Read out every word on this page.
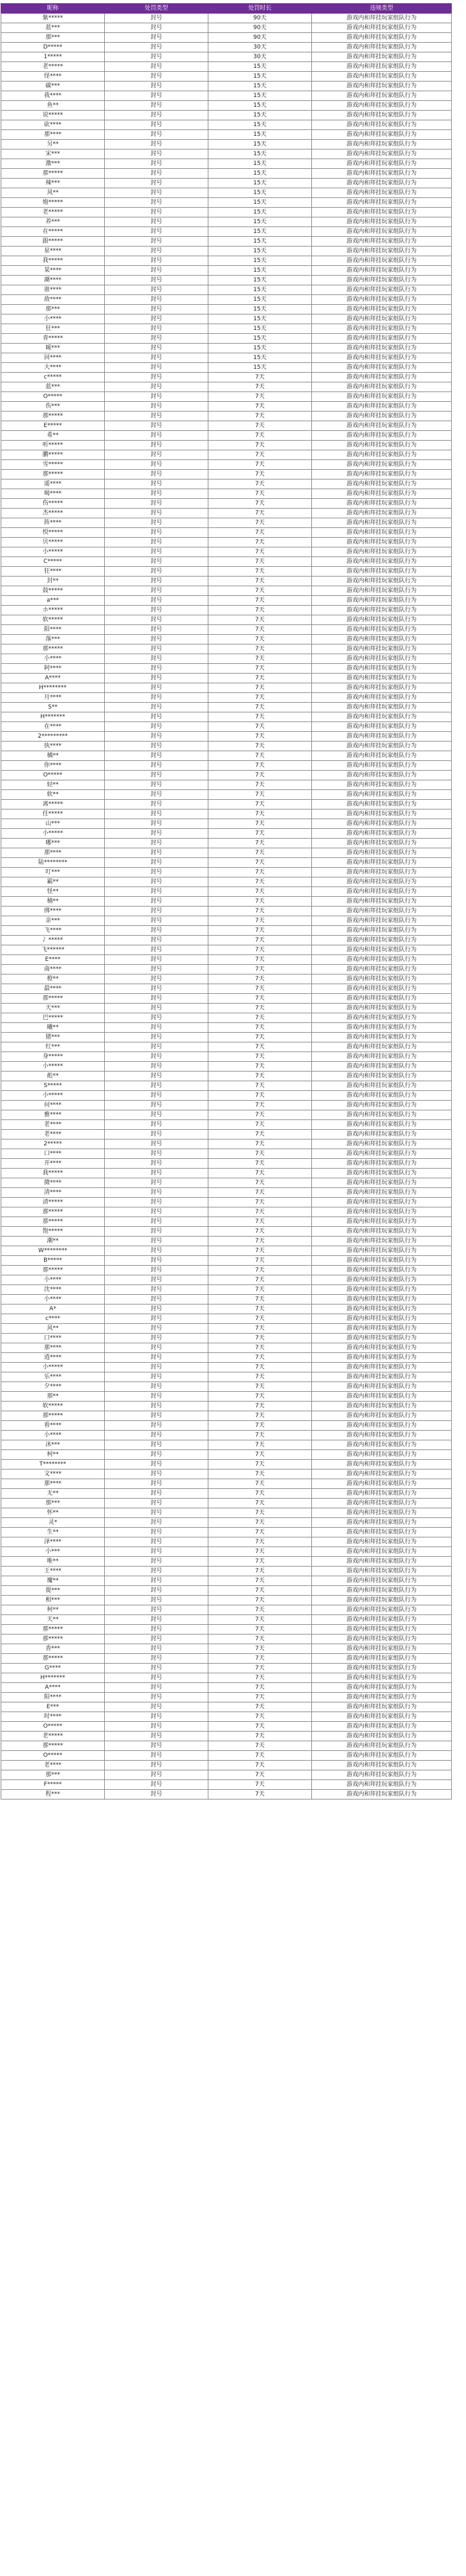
昵称	处罚类型	处罚时长	违规类型
紫*****	封号	90天	游戏内和拜挂玩家组队行为
蓝***	封号	90天	游戏内和拜挂玩家组队行为
那***	封号	90天	游戏内和拜挂玩家组队行为
D*****	封号	30天	游戏内和拜挂玩家组队行为
1*****	封号	30天	游戏内和拜挂玩家组队行为
老*****	封号	15天	游戏内和拜挂玩家组队行为
怪****	封号	15天	游戏内和拜挂玩家组队行为
碳***	封号	15天	游戏内和拜挂玩家组队行为
我****	封号	15天	游戏内和拜挂玩家组队行为
鱼**	封号	15天	游戏内和拜挂玩家组队行为
说*****	封号	15天	游戏内和拜挂玩家组队行为
砍****	封号	15天	游戏内和拜挂玩家组队行为
那****	封号	15天	游戏内和拜挂玩家组队行为
另**	封号	15天	游戏内和拜挂玩家组队行为
宋***	封号	15天	游戏内和拜挂玩家组队行为
激***	封号	15天	游戏内和拜挂玩家组队行为
那*****	封号	15天	游戏内和拜挂玩家组队行为
辣***	封号	15天	游戏内和拜挂玩家组队行为
风**	封号	15天	游戏内和拜挂玩家组队行为
炮*****	封号	15天	游戏内和拜挂玩家组队行为
老*****	封号	15天	游戏内和拜挂玩家组队行为
养***	封号	15天	游戏内和拜挂玩家组队行为
在*****	封号	15天	游戏内和拜挂玩家组队行为
跟*****	封号	15天	游戏内和拜挂玩家组队行为
星****	封号	15天	游戏内和拜挂玩家组队行为
我*****	封号	15天	游戏内和拜挂玩家组队行为
某****	封号	15天	游戏内和拜挂玩家组队行为
潮****	封号	15天	游戏内和拜挂玩家组队行为
谁****	封号	15天	游戏内和拜挂玩家组队行为
敌****	封号	15天	游戏内和拜挂玩家组队行为
那***	封号	15天	游戏内和拜挂玩家组队行为
小****	封号	15天	游戏内和拜挂玩家组队行为
狂***	封号	15天	游戏内和拜挂玩家组队行为
青*****	封号	15天	游戏内和拜挂玩家组队行为
暖***	封号	15天	游戏内和拜挂玩家组队行为
回****	封号	15天	游戏内和拜挂玩家组队行为
大****	封号	15天	游戏内和拜挂玩家组队行为
c*****	封号	7天	游戏内和拜挂玩家组队行为
蓝***	封号	7天	游戏内和拜挂玩家组队行为
O*****	封号	7天	游戏内和拜挂玩家组队行为
伤***	封号	7天	游戏内和拜挂玩家组队行为
那*****	封号	7天	游戏内和拜挂玩家组队行为
E*****	封号	7天	游戏内和拜挂玩家组队行为
希**	封号	7天	游戏内和拜挂玩家组队行为
听*****	封号	7天	游戏内和拜挂玩家组队行为
鹏*****	封号	7天	游戏内和拜挂玩家组队行为
雪*****	封号	7天	游戏内和拜挂玩家组队行为
那*****	封号	7天	游戏内和拜挂玩家组队行为
遥****	封号	7天	游戏内和拜挂玩家组队行为
喝****	封号	7天	游戏内和拜挂玩家组队行为
伤*****	封号	7天	游戏内和拜挂玩家组队行为
杰*****	封号	7天	游戏内和拜挂玩家组队行为
阵****	封号	7天	游戏内和拜挂玩家组队行为
悦*****	封号	7天	游戏内和拜挂玩家组队行为
贝*****	封号	7天	游戏内和拜挂玩家组队行为
小*****	封号	7天	游戏内和拜挂玩家组队行为
C*****	封号	7天	游戏内和拜挂玩家组队行为
狂****	封号	7天	游戏内和拜挂玩家组队行为
封**	封号	7天	游戏内和拜挂玩家组队行为
鼓*****	封号	7天	游戏内和拜挂玩家组队行为
a***	封号	7天	游戏内和拜挂玩家组队行为
ホ*****	封号	7天	游戏内和拜挂玩家组队行为
软*****	封号	7天	游戏内和拜挂玩家组队行为
阳****	封号	7天	游戏内和拜挂玩家组队行为
落***	封号	7天	游戏内和拜挂玩家组队行为
那*****	封号	7天	游戏内和拜挂玩家组队行为
小****	封号	7天	游戏内和拜挂玩家组队行为
阿****	封号	7天	游戏内和拜挂玩家组队行为
A****	封号	7天	游戏内和拜挂玩家组队行为
H********	封号	7天	游戏内和拜挂玩家组队行为
月****	封号	7天	游戏内和拜挂玩家组队行为
S**	封号	7天	游戏内和拜挂玩家组队行为
H*******	封号	7天	游戏内和拜挂玩家组队行为
在****	封号	7天	游戏内和拜挂玩家组队行为
2*********	封号	7天	游戏内和拜挂玩家组队行为
执****	封号	7天	游戏内和拜挂玩家组队行为
橘**	封号	7天	游戏内和拜挂玩家组队行为
你****	封号	7天	游戏内和拜挂玩家组队行为
O*****	封号	7天	游戏内和拜挂玩家组队行为
轻**	封号	7天	游戏内和拜挂玩家组队行为
软**	封号	7天	游戏内和拜挂玩家组队行为
离*****	封号	7天	游戏内和拜挂玩家组队行为
任*****	封号	7天	游戏内和拜挂玩家组队行为
山***	封号	7天	游戏内和拜挂玩家组队行为
小*****	封号	7天	游戏内和拜挂玩家组队行为
哪***	封号	7天	游戏内和拜挂玩家组队行为
那****	封号	7天	游戏内和拜挂玩家组队行为
陆********	封号	7天	游戏内和拜挂玩家组队行为
叮***	封号	7天	游戏内和拜挂玩家组队行为
霸**	封号	7天	游戏内和拜挂玩家组队行为
怪**	封号	7天	游戏内和拜挂玩家组队行为
楠**	封号	7天	游戏内和拜挂玩家组队行为
绑****	封号	7天	游戏内和拜挂玩家组队行为
亲***	封号	7天	游戏内和拜挂玩家组队行为
飞****	封号	7天	游戏内和拜挂玩家组队行为
冫*****	封号	7天	游戏内和拜挂玩家组队行为
飞******	封号	7天	游戏内和拜挂玩家组队行为
E****	封号	7天	游戏内和拜挂玩家组队行为
南****	封号	7天	游戏内和拜挂玩家组队行为
橙**	封号	7天	游戏内和拜挂玩家组队行为
最****	封号	7天	游戏内和拜挂玩家组队行为
那*****	封号	7天	游戏内和拜挂玩家组队行为
天***	封号	7天	游戏内和拜挂玩家组队行为
巴*****	封号	7天	游戏内和拜挂玩家组队行为
曦**	封号	7天	游戏内和拜挂玩家组队行为
猪***	封号	7天	游戏内和拜挂玩家组队行为
红***	封号	7天	游戏内和拜挂玩家组队行为
身*****	封号	7天	游戏内和拜挂玩家组队行为
小*****	封号	7天	游戏内和拜挂玩家组队行为
彪**	封号	7天	游戏内和拜挂玩家组队行为
S*****	封号	7天	游戏内和拜挂玩家组队行为
小*****	封号	7天	游戏内和拜挂玩家组队行为
问****	封号	7天	游戏内和拜挂玩家组队行为
雅****	封号	7天	游戏内和拜挂玩家组队行为
老****	封号	7天	游戏内和拜挂玩家组队行为
老****	封号	7天	游戏内和拜挂玩家组队行为
2*****	封号	7天	游戏内和拜挂玩家组队行为
口****	封号	7天	游戏内和拜挂玩家组队行为
开****	封号	7天	游戏内和拜挂玩家组队行为
我*****	封号	7天	游戏内和拜挂玩家组队行为
微****	封号	7天	游戏内和拜挂玩家组队行为
清****	封号	7天	游戏内和拜挂玩家组队行为
清*****	封号	7天	游戏内和拜挂玩家组队行为
那*****	封号	7天	游戏内和拜挂玩家组队行为
那*****	封号	7天	游戏内和拜挂玩家组队行为
饱*****	封号	7天	游戏内和拜挂玩家组队行为
潮**	封号	7天	游戏内和拜挂玩家组队行为
W********	封号	7天	游戏内和拜挂玩家组队行为
B*****	封号	7天	游戏内和拜挂玩家组队行为
那*****	封号	7天	游戏内和拜挂玩家组队行为
小****	封号	7天	游戏内和拜挂玩家组队行为
沈****	封号	7天	游戏内和拜挂玩家组队行为
小****	封号	7天	游戏内和拜挂玩家组队行为
A*	封号	7天	游戏内和拜挂玩家组队行为
c****	封号	7天	游戏内和拜挂玩家组队行为
风**	封号	7天	游戏内和拜挂玩家组队行为
口****	封号	7天	游戏内和拜挂玩家组队行为
那****	封号	7天	游戏内和拜挂玩家组队行为
逍****	封号	7天	游戏内和拜挂玩家组队行为
小*****	封号	7天	游戏内和拜挂玩家组队行为
乐****	封号	7天	游戏内和拜挂玩家组队行为
夕****	封号	7天	游戏内和拜挂玩家组队行为
那**	封号	7天	游戏内和拜挂玩家组队行为
软*****	封号	7天	游戏内和拜挂玩家组队行为
那*****	封号	7天	游戏内和拜挂玩家组队行为
看****	封号	7天	游戏内和拜挂玩家组队行为
小****	封号	7天	游戏内和拜挂玩家组队行为
沐***	封号	7天	游戏内和拜挂玩家组队行为
柯**	封号	7天	游戏内和拜挂玩家组队行为
T********	封号	7天	游戏内和拜挂玩家组队行为
文****	封号	7天	游戏内和拜挂玩家组队行为
那****	封号	7天	游戏内和拜挂玩家组队行为
无**	封号	7天	游戏内和拜挂玩家组队行为
那***	封号	7天	游戏内和拜挂玩家组队行为
怀**	封号	7天	游戏内和拜挂玩家组队行为
灵*	封号	7天	游戏内和拜挂玩家组队行为
生**	封号	7天	游戏内和拜挂玩家组队行为
泽****	封号	7天	游戏内和拜挂玩家组队行为
小***	封号	7天	游戏内和拜挂玩家组队行为
唯**	封号	7天	游戏内和拜挂玩家组队行为
王****	封号	7天	游戏内和拜挂玩家组队行为
魔**	封号	7天	游戏内和拜挂玩家组队行为
提***	封号	7天	游戏内和拜挂玩家组队行为
相***	封号	7天	游戏内和拜挂玩家组队行为
柯**	封号	7天	游戏内和拜挂玩家组队行为
天**	封号	7天	游戏内和拜挂玩家组队行为
那*****	封号	7天	游戏内和拜挂玩家组队行为
那*****	封号	7天	游戏内和拜挂玩家组队行为
香***	封号	7天	游戏内和拜挂玩家组队行为
那*****	封号	7天	游戏内和拜挂玩家组队行为
G****	封号	7天	游戏内和拜挂玩家组队行为
H*******	封号	7天	游戏内和拜挂玩家组队行为
A****	封号	7天	游戏内和拜挂玩家组队行为
阳****	封号	7天	游戏内和拜挂玩家组队行为
E***	封号	7天	游戏内和拜挂玩家组队行为
时****	封号	7天	游戏内和拜挂玩家组队行为
O*****	封号	7天	游戏内和拜挂玩家组队行为
老*****	封号	7天	游戏内和拜挂玩家组队行为
那*****	封号	7天	游戏内和拜挂玩家组队行为
O*****	封号	7天	游戏内和拜挂玩家组队行为
老****	封号	7天	游戏内和拜挂玩家组队行为
那***	封号	7天	游戏内和拜挂玩家组队行为
F*****	封号	7天	游戏内和拜挂玩家组队行为
程***	封号	7天	游戏内和拜挂玩家组队行为
